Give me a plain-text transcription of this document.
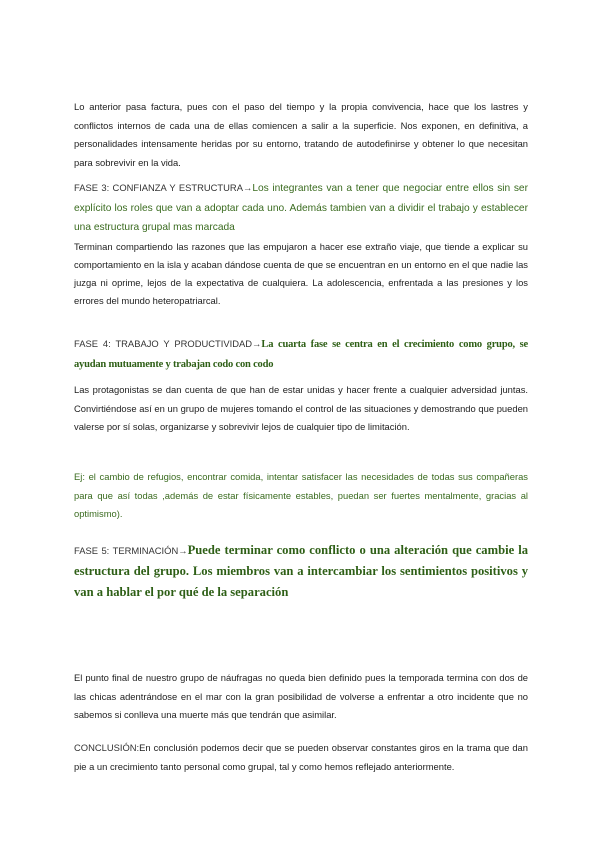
Lo anterior pasa factura, pues con el paso del tiempo y la propia convivencia, hace que los lastres y conflictos internos de cada una de ellas comiencen a salir a la superficie. Nos exponen, en definitiva, a personalidades intensamente heridas por su entorno, tratando de autodefinirse y obtener lo que necesitan para sobrevivir en la vida.

FASE 3: CONFIANZA Y ESTRUCTURA→Los integrantes van a tener que negociar entre ellos sin ser explícito los roles que van a adoptar cada uno. Además tambien van a dividir el trabajo y establecer una estructura grupal mas marcada

Terminan compartiendo las razones que las empujaron a hacer ese extraño viaje, que tiende a explicar su comportamiento en la isla y acaban dándose cuenta de que se encuentran en un entorno en el que nadie las juzga ni oprime, lejos de la expectativa de cualquiera. La adolescencia, enfrentada a las presiones y los errores del mundo heteropatriarcal.

FASE 4: TRABAJO Y PRODUCTIVIDAD→La cuarta fase se centra en el crecimiento como grupo, se ayudan mutuamente y trabajan codo con codo

Las protagonistas se dan cuenta de que han de estar unidas y hacer frente a cualquier adversidad juntas. Convirtiéndose así en un grupo de mujeres tomando el control de las situaciones y demostrando que pueden valerse por sí solas, organizarse y sobrevivir lejos de cualquier tipo de limitación.

Ej: el cambio de refugios, encontrar comida, intentar satisfacer las necesidades de todas sus compañeras para que así todas ,además de estar físicamente estables, puedan ser fuertes mentalmente, gracias al optimismo).

FASE 5: TERMINACIÓN→Puede terminar como conflicto o una alteración que cambie la estructura del grupo. Los miembros van a intercambiar los sentimientos positivos y van a hablar el por qué de la separación

El punto final de nuestro grupo de náufragas no queda bien definido pues la temporada termina con dos de las chicas adentrándose en el mar con la gran posibilidad de volverse a enfrentar a otro incidente que no sabemos si conlleva una muerte más que tendrán que asimilar.

CONCLUSIÓN:En conclusión podemos decir que se pueden observar constantes giros en la trama que dan pie a un crecimiento tanto personal como grupal, tal y como hemos reflejado anteriormente.
